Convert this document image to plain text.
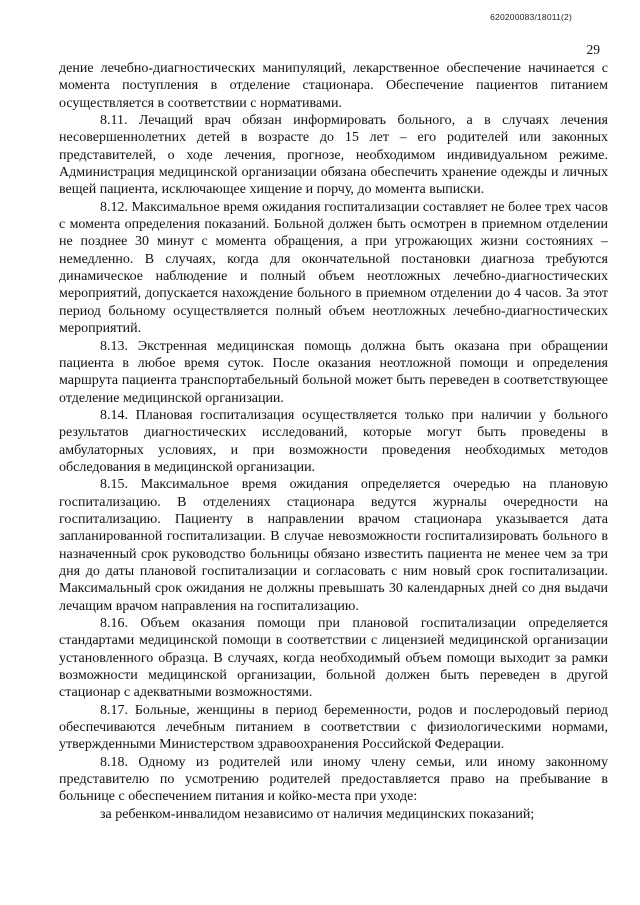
620200083/18011(2)
29

дение лечебно-диагностических манипуляций, лекарственное обеспечение начинается с момента поступления в отделение стационара. Обеспечение пациентов питанием осуществляется в соответствии с нормативами.

8.11. Лечащий врач обязан информировать больного, а в случаях лечения несовершеннолетних детей в возрасте до 15 лет – его родителей или законных представителей, о ходе лечения, прогнозе, необходимом индивидуальном режиме. Администрация медицинской организации обязана обеспечить хранение одежды и личных вещей пациента, исключающее хищение и порчу, до момента выписки.

8.12. Максимальное время ожидания госпитализации составляет не более трех часов с момента определения показаний. Больной должен быть осмотрен в приемном отделении не позднее 30 минут с момента обращения, а при угрожающих жизни состояниях – немедленно. В случаях, когда для окончательной постановки диагноза требуются динамическое наблюдение и полный объем неотложных лечебно-диагностических мероприятий, допускается нахождение больного в приемном отделении до 4 часов. За этот период больному осуществляется полный объем неотложных лечебно-диагностических мероприятий.

8.13. Экстренная медицинская помощь должна быть оказана при обращении пациента в любое время суток. После оказания неотложной помощи и определения маршрута пациента транспортабельный больной может быть переведен в соответствующее отделение медицинской организации.

8.14. Плановая госпитализация осуществляется только при наличии у больного результатов диагностических исследований, которые могут быть проведены в амбулаторных условиях, и при возможности проведения необходимых методов обследования в медицинской организации.

8.15. Максимальное время ожидания определяется очередью на плановую госпитализацию. В отделениях стационара ведутся журналы очередности на госпитализацию. Пациенту в направлении врачом стационара указывается дата запланированной госпитализации. В случае невозможности госпитализировать больного в назначенный срок руководство больницы обязано известить пациента не менее чем за три дня до даты плановой госпитализации и согласовать с ним новый срок госпитализации. Максимальный срок ожидания не должны превышать 30 календарных дней со дня выдачи лечащим врачом направления на госпитализацию.

8.16. Объем оказания помощи при плановой госпитализации определяется стандартами медицинской помощи в соответствии с лицензией медицинской организации установленного образца. В случаях, когда необходимый объем помощи выходит за рамки возможности медицинской организации, больной должен быть переведен в другой стационар с адекватными возможностями.

8.17. Больные, женщины в период беременности, родов и послеродовый период обеспечиваются лечебным питанием в соответствии с физиологическими нормами, утвержденными Министерством здравоохранения Российской Федерации.

8.18. Одному из родителей или иному члену семьи, или иному законному представителю по усмотрению родителей предоставляется право на пребывание в больнице с обеспечением питания и койко-места при уходе:

за ребенком-инвалидом независимо от наличия медицинских показаний;
